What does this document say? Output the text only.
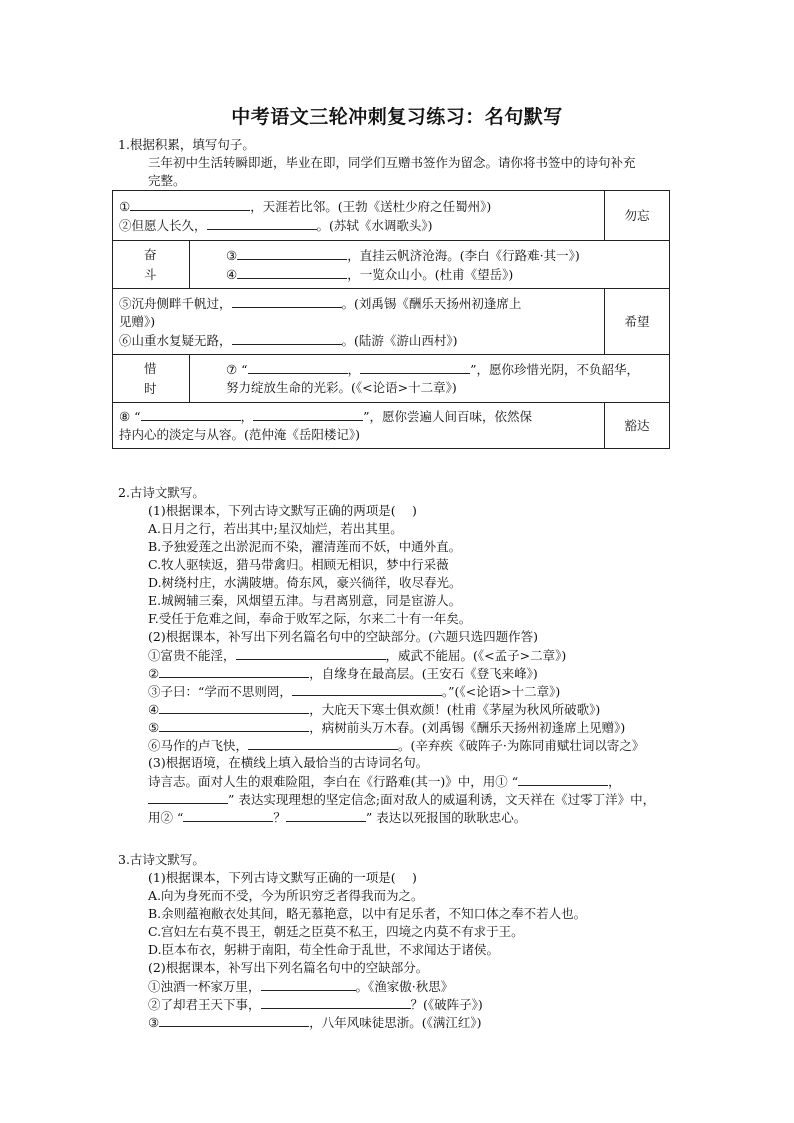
中考语文三轮冲刺复习练习：名句默写
1.根据积累，填写句子。
三年初中生活转瞬即逝，毕业在即，同学们互赠书签作为留念。请你将书签中的诗句补充
完整。
① ，天涯若比邻。(王勃《送杜少府之任蜀州》)
②但愿人长久， 。(苏轼《水调歌头》)		勿忘
奋斗	③ ，直挂云帆济沧海。(李白《行路难·其一》)
④ ，一览众山小。(杜甫《望岳》)	

⑤沉舟侧畔千帆过， 。(刘禹锡《酬乐天扬州初逢席上
见赠》)
⑥山重水复疑无路， 。(陆游《游山西村》)		希望
惜时	⑦ “ ， ”，愿你珍惜光阴，不负韶华，
努力绽放生命的光彩。(《<论语>十二章》)	

⑧ “ ， ”，愿你尝遍人间百味，依然保
持内心的淡定与从容。(范仲淹《岳阳楼记》)		豁达
2.古诗文默写。
(1)根据课本，下列古诗文默写正确的两项是(　 )
A.日月之行，若出其中;星汉灿烂，若出其里。
B.予独爱莲之出淤泥而不染，濯清莲而不妖，中通外直。
C.牧人驱犊返，猎马带禽归。相顾无相识，梦中行采薇
D.树绕村庄，水满陂塘。倚东风，豪兴徜徉，收尽春光。
E.城阙辅三秦，风烟望五津。与君离别意，同是宦游人。
F.受任于危难之间，奉命于败军之际，尔来二十有一年矣。
(2)根据课本，补写出下列名篇名句中的空缺部分。(六题只选四题作答)
①富贵不能淫，	，威武不能屈。(《<孟子>二章》)
②	，自缘身在最高层。(王安石《登飞来峰》)
③子曰：“学而不思则罔，	。”(《<论语>十二章》)
④	，大庇天下寒士俱欢颜！(杜甫《茅屋为秋风所破歌》)
⑤	，病树前头万木春。(刘禹锡《酬乐天扬州初逢席上见赠》)
⑥马作的卢飞快，	。(辛弃疾《破阵子·为陈同甫赋壮词以寄之》
(3)根据语境，在横线上填入最恰当的古诗词名句。
诗言志。面对人生的艰难险阻，李白在《行路难(其一)》中，用① “	，
” 表达实现理想的坚定信念;面对敌人的威逼利诱，文天祥在《过零丁洋》中，
用② “	？	” 表达以死报国的耿耿忠心。
3.古诗文默写。
(1)根据课本，下列古诗文默写正确的一项是(　 )
A.向为身死而不受，今为所识穷乏者得我而为之。
B.余则蕴袍敝衣处其间，略无慕艳意，以中有足乐者，不知口体之奉不若人也。
C.宫妇左右莫不畏王，朝廷之臣莫不私王，四境之内莫不有求于王。
D.臣本布衣，躬耕于南阳，苟全性命于乱世，不求闻达于诸侯。
(2)根据课本，补写出下列名篇名句中的空缺部分。
①浊酒一杯家万里，	。《渔家傲·秋思》
②了却君王天下事，	？(《破阵子》)
③	，八年风味徒思浙。(《满江红》)
